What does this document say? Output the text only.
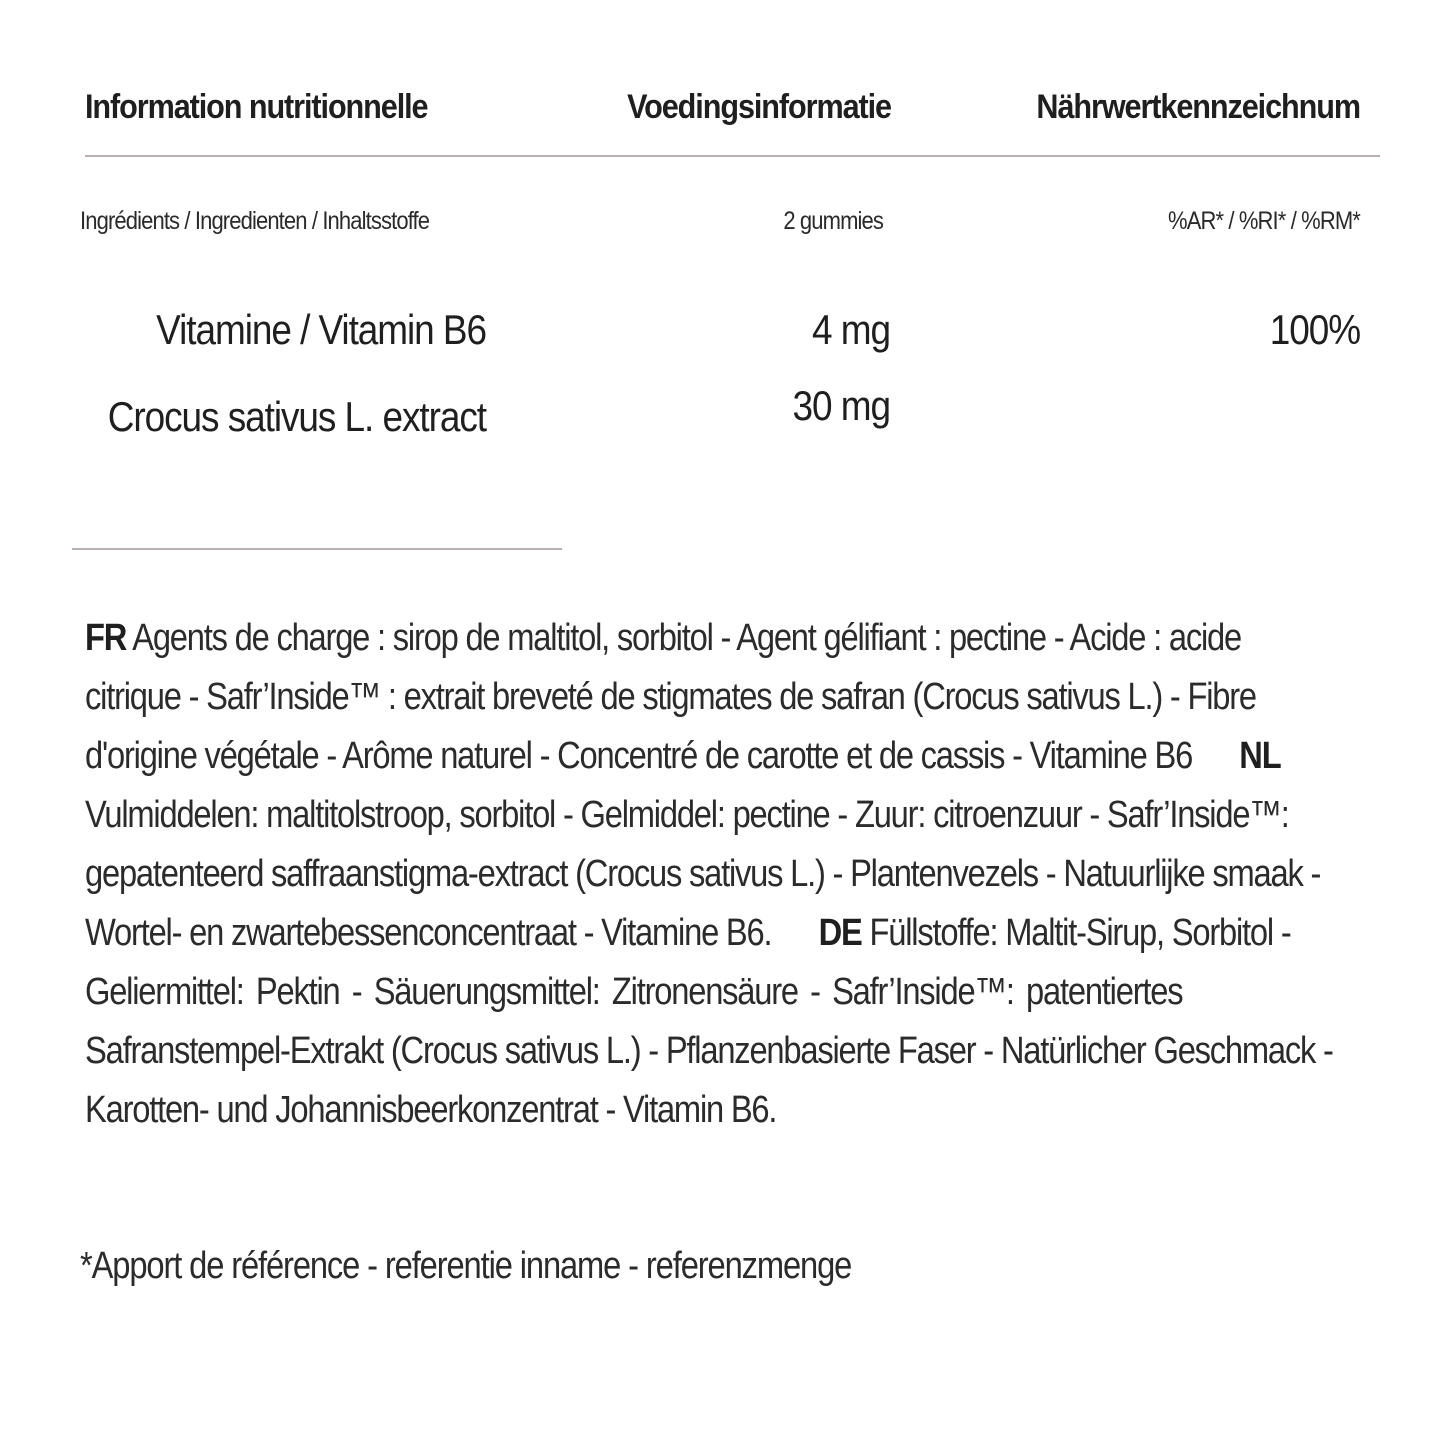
Information nutritionnelle	Voedingsinformatie	Nährwertkennzeichnum
Ingrédients / Ingredienten / Inhaltsstoffe	2 gummies	%AR* / %RI* / %RM*
Vitamine / Vitamin B6	4 mg	100%
Crocus sativus L. extract	30 mg
FR Agents de charge : sirop de maltitol, sorbitol - Agent gélifiant : pectine - Acide : acide
citrique - Safr’Inside™ : extrait breveté de stigmates de safran (Crocus sativus L.) - Fibre
d'origine végétale - Arôme naturel - Concentré de carotte et de cassis - Vitamine B6 NL
Vulmiddelen: maltitolstroop, sorbitol - Gelmiddel: pectine - Zuur: citroenzuur - Safr’Inside™:
gepatenteerd saffraanstigma-extract (Crocus sativus L.) - Plantenvezels - Natuurlijke smaak -
Wortel- en zwartebessenconcentraat - Vitamine B6. DE Füllstoffe: Maltit-Sirup, Sorbitol -
Geliermittel: Pektin - Säuerungsmittel: Zitronensäure - Safr’Inside™: patentiertes
Safranstempel-Extrakt (Crocus sativus L.) - Pflanzenbasierte Faser - Natürlicher Geschmack -
Karotten- und Johannisbeerkonzentrat - Vitamin B6.
*Apport de référence - referentie inname - referenzmenge
